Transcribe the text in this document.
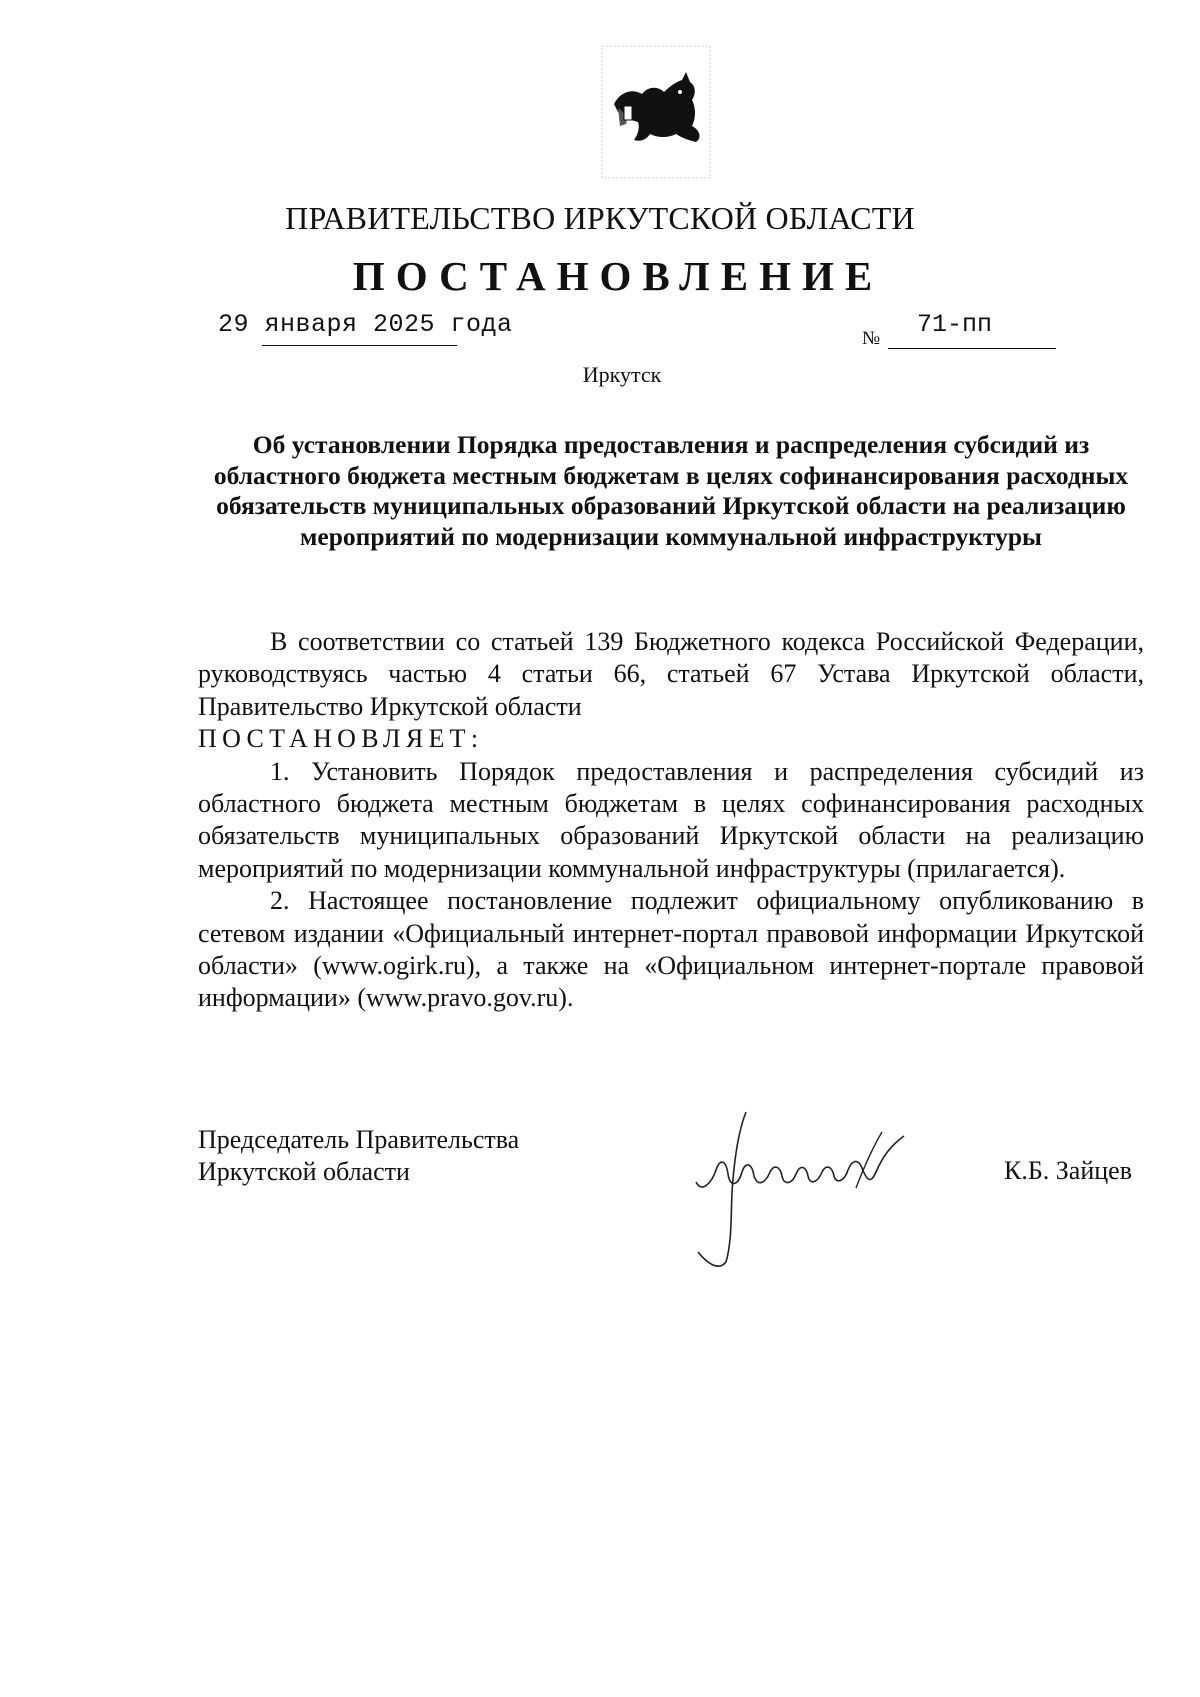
ПРАВИТЕЛЬСТВО ИРКУТСКОЙ ОБЛАСТИ
ПОСТАНОВЛЕНИЕ
29 января 2025 года	№ 71-пп
Иркутск

Об установлении Порядка предоставления и распределения субсидий из областного бюджета местным бюджетам в целях софинансирования расходных обязательств муниципальных образований Иркутской области на реализацию мероприятий по модернизации коммунальной инфраструктуры

В соответствии со статьей 139 Бюджетного кодекса Российской Федерации, руководствуясь частью 4 статьи 66, статьей 67 Устава Иркутской области, Правительство Иркутской области

ПОСТАНОВЛЯЕТ:

1. Установить Порядок предоставления и распределения субсидий из областного бюджета местным бюджетам в целях софинансирования расходных обязательств муниципальных образований Иркутской области на реализацию мероприятий по модернизации коммунальной инфраструктуры (прилагается).

2. Настоящее постановление подлежит официальному опубликованию в сетевом издании «Официальный интернет-портал правовой информации Иркутской области» (www.ogirk.ru), а также на «Официальном интернет-портале правовой информации» (www.pravo.gov.ru).

Председатель Правительства
Иркутской области	К.Б. Зайцев
